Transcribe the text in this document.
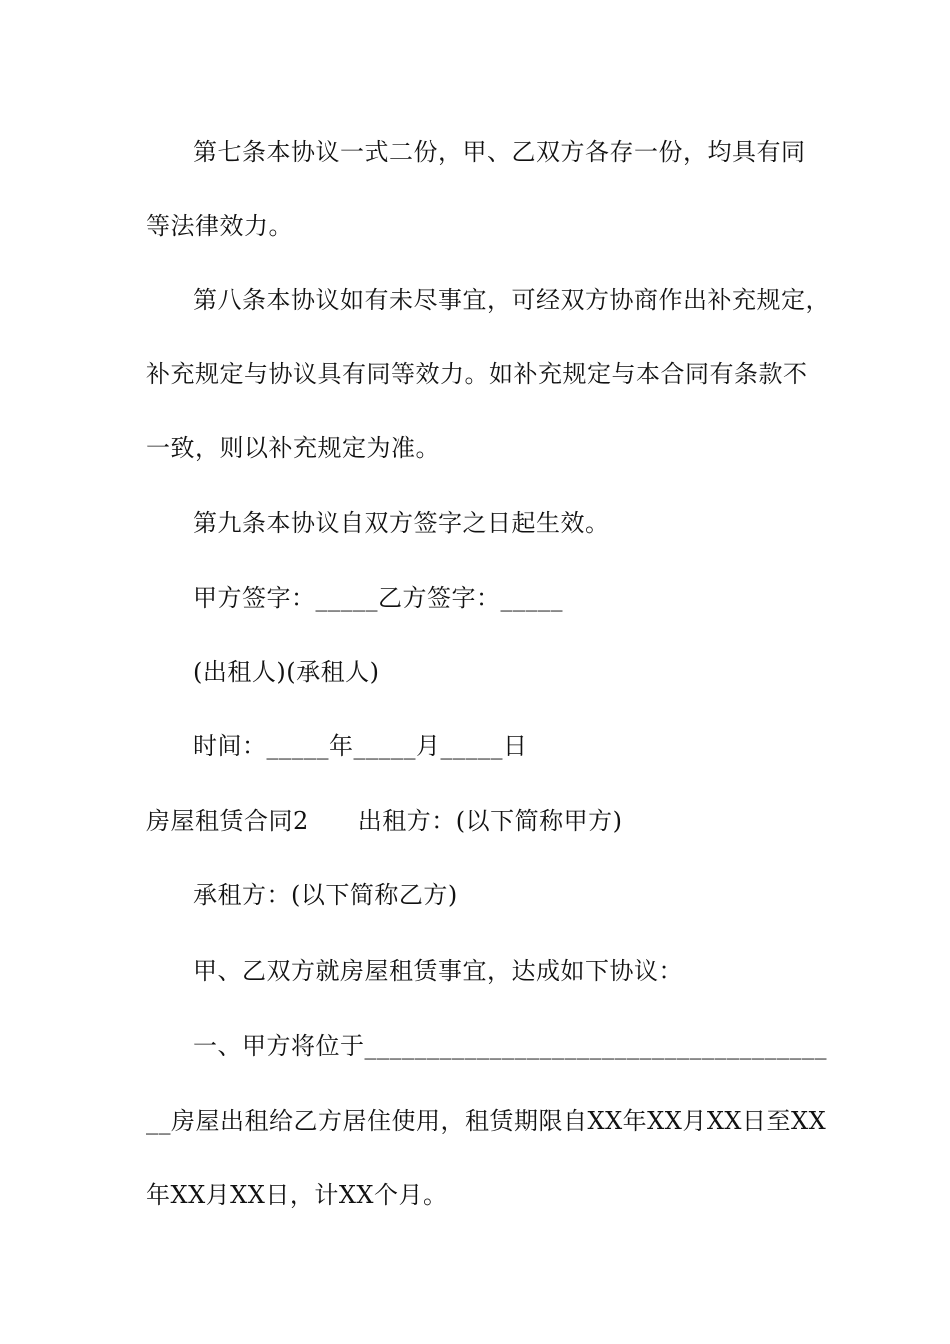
第七条本协议一式二份，甲、乙双方各存一份，均具有同
等法律效力。
第八条本协议如有未尽事宜，可经双方协商作出补充规定，
补充规定与协议具有同等效力。如补充规定与本合同有条款不
一致，则以补充规定为准。
第九条本协议自双方签字之日起生效。
甲方签字：_____乙方签字：_____
(出租人)(承租人)
时间：_____年_____月_____日
房屋租赁合同2　　出租方：(以下简称甲方)
承租方：(以下简称乙方)
甲、乙双方就房屋租赁事宜，达成如下协议：
一、甲方将位于_____________________________________
__房屋出租给乙方居住使用，租赁期限自XX年XX月XX日至XX
年XX月XX日，计XX个月。
